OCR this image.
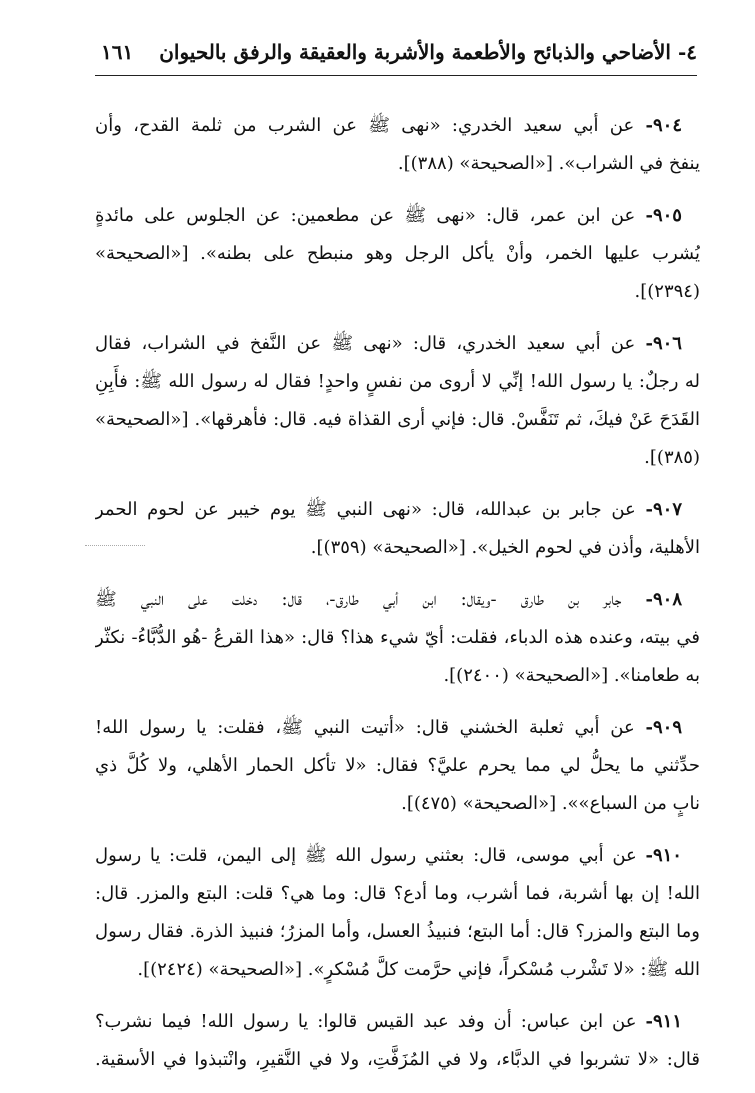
٤- الأضاحي والذبائح والأطعمة والأشربة والعقيقة والرفق بالحيوان
١٦١
٩٠٤- عن أبي سعيد الخدري: «نهى ﷺ عن الشرب من ثلمة القدح، وأن
ينفخ في الشراب». [«الصحيحة» (٣٨٨)].
٩٠٥- عن ابن عمر، قال: «نهى ﷺ عن مطعمين: عن الجلوس على مائدةٍ
يُشرب عليها الخمر، وأنْ يأكل الرجل وهو منبطح على بطنه». [«الصحيحة»
(٢٣٩٤)].
٩٠٦- عن أبي سعيد الخدري، قال: «نهى ﷺ عن النَّفخ في الشراب، فقال
له رجلٌ: يا رسول الله! إنِّي لا أروى من نفسٍ واحدٍ! فقال له رسول الله ﷺ: فأَبِنِ
القَدَحَ عَنْ فيكَ، ثم تَنَفَّسْ. قال: فإني أرى القذاة فيه. قال: فأهرقها». [«الصحيحة»
(٣٨٥)].
٩٠٧- عن جابر بن عبدالله، قال: «نهى النبي ﷺ يوم خيبر عن لحوم الحمر
الأهلية، وأذن في لحوم الخيل». [«الصحيحة» (٣٥٩)].
٩٠٨- جابر بن طارق -ويقال: ابن أبي طارق-، قال: دخلت على النبي ﷺ
في بيته، وعنده هذه الدباء، فقلت: أيّ شيء هذا؟ قال: «هذا القرعُ -هُو الدُّبَّاءُ- نكثّر
به طعامنا». [«الصحيحة» (٢٤٠٠)].
٩٠٩- عن أبي ثعلبة الخشني قال: «أتيت النبي ﷺ، فقلت: يا رسول الله!
حدِّثني ما يحلُّ لي مما يحرم عليَّ؟ فقال: «لا تأكل الحمار الأهلي، ولا كُلَّ ذي
نابٍ من السباع»». [«الصحيحة» (٤٧٥)].
٩١٠- عن أبي موسى، قال: بعثني رسول الله ﷺ إلى اليمن، قلت: يا رسول
الله! إن بها أشربة، فما أشرب، وما أدع؟ قال: وما هي؟ قلت: البتع والمزر. قال:
وما البتع والمزر؟ قال: أما البتع؛ فنبيذُ العسل، وأما المزرُ؛ فنبيذ الذرة. فقال رسول
الله ﷺ: «لا تَشْرب مُسْكراً، فإني حرَّمت كلَّ مُسْكرٍ». [«الصحيحة» (٢٤٢٤)].
٩١١- عن ابن عباس: أن وفد عبد القيس قالوا: يا رسول الله! فيما نشرب؟
قال: «لا تشربوا في الدبَّاء، ولا في المُزَفَّتِ، ولا في النَّقيرِ، وانْتبذوا في الأسقية.
